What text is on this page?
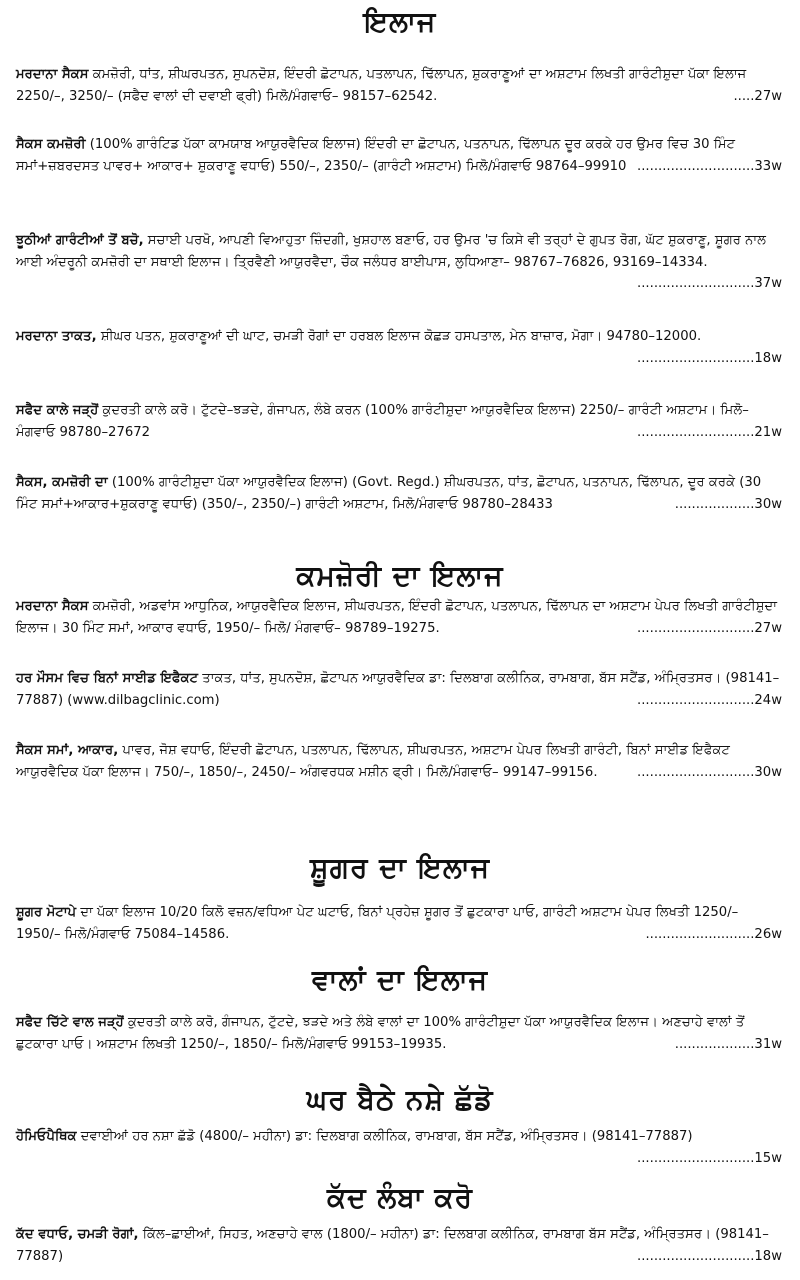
ਇਲਾਜ

ਮਰਦਾਨਾ ਸੈਕਸ ਕਮਜ਼ੋਰੀ, ਧਾਂਤ, ਸ਼ੀਘਰਪਤਨ, ਸੁਪਨਦੋਸ਼, ਇੰਦਰੀ ਛੋਟਾਪਨ, ਪਤਲਾਪਨ, ਢਿੱਲਾਪਨ, ਸ਼ੁਕਰਾਣੂਆਂ ਦਾ ਅਸ਼ਟਾਮ ਲਿਖਤੀ ਗਾਰੰਟੀਸ਼ੁਦਾ ਪੱਕਾ ਇਲਾਜ 2250/–, 3250/– (ਸਫੈਦ ਵਾਲਾਂ ਦੀ ਦਵਾਈ ਫ੍ਰੀ) ਮਿਲੋ/ਮੰਗਵਾਓ– 98157–62542.	.....27w

ਸੈਕਸ ਕਮਜ਼ੋਰੀ (100% ਗਾਰੰਟਿਡ ਪੱਕਾ ਕਾਮਯਾਬ ਆਯੁਰਵੈਦਿਕ ਇਲਾਜ) ਇੰਦਰੀ ਦਾ ਛੋਟਾਪਨ, ਪਤਨਾਪਨ, ਢਿੱਲਾਪਨ ਦੂਰ ਕਰਕੇ ਹਰ ਉਮਰ ਵਿਚ 30 ਮਿੰਟ ਸਮਾਂ+ਜ਼ਬਰਦਸਤ ਪਾਵਰ+ ਆਕਾਰ+ ਸ਼ੁਕਰਾਣੂ ਵਧਾਓ) 550/–, 2350/– (ਗਾਰੰਟੀ ਅਸ਼ਟਾਮ) ਮਿਲੋ/ਮੰਗਵਾਓ 98764–99910 ............................33w

ਝੂਠੀਆਂ ਗਾਰੰਟੀਆਂ ਤੋਂ ਬਚੋ, ਸਚਾਈ ਪਰਖੋ, ਆਪਣੀ ਵਿਆਹੁਤਾ ਜ਼ਿੰਦਗੀ, ਖੁਸ਼ਹਾਲ ਬਣਾਓ, ਹਰ ਉਮਰ 'ਚ ਕਿਸੇ ਵੀ ਤਰ੍ਹਾਂ ਦੇ ਗੁਪਤ ਰੋਗ, ਘੱਟ ਸ਼ੁਕਰਾਣੂ, ਸ਼ੂਗਰ ਨਾਲ ਆਈ ਅੰਦਰੂਨੀ ਕਮਜ਼ੋਰੀ ਦਾ ਸਥਾਈ ਇਲਾਜ। ਤ੍ਰਿਵੈਣੀ ਆਯੁਰਵੈਦਾ, ਚੌਕ ਜਲੰਧਰ ਬਾਈਪਾਸ, ਲੁਧਿਆਣਾ– 98767–76826, 93169–14334.
............................37w

ਮਰਦਾਨਾ ਤਾਕਤ, ਸ਼ੀਘਰ ਪਤਨ, ਸ਼ੁਕਰਾਣੂਆਂ ਦੀ ਘਾਟ, ਚਮੜੀ ਰੋਗਾਂ ਦਾ ਹਰਬਲ ਇਲਾਜ ਕੋਛੜ ਹਸਪਤਾਲ, ਮੇਨ ਬਾਜ਼ਾਰ, ਮੋਗਾ। 94780–12000.
............................18w

ਸਫੈਦ ਕਾਲੇ ਜੜ੍ਹੋਂ ਕੁਦਰਤੀ ਕਾਲੇ ਕਰੋ। ਟੁੱਟਦੇ–ਝੜਦੇ, ਗੰਜਾਪਨ, ਲੰਬੇ ਕਰਨ (100% ਗਾਰੰਟੀਸ਼ੁਦਾ ਆਯੁਰਵੈਦਿਕ ਇਲਾਜ) 2250/– ਗਾਰੰਟੀ ਅਸ਼ਟਾਮ। ਮਿਲੋ–ਮੰਗਵਾਓ 98780–27672	............................21w

ਸੈਕਸ, ਕਮਜ਼ੋਰੀ ਦਾ (100% ਗਾਰੰਟੀਸ਼ੁਦਾ ਪੱਕਾ ਆਯੁਰਵੈਦਿਕ ਇਲਾਜ) (Govt. Regd.) ਸ਼ੀਘਰਪਤਨ, ਧਾਂਤ, ਛੋਟਾਪਨ, ਪਤਨਾਪਨ, ਢਿੱਲਾਪਨ, ਦੂਰ ਕਰਕੇ (30 ਮਿੰਟ ਸਮਾਂ+ਆਕਾਰ+ਸ਼ੁਕਰਾਣੂ ਵਧਾਓ) (350/–, 2350/–) ਗਾਰੰਟੀ ਅਸ਼ਟਾਮ, ਮਿਲੋ/ਮੰਗਵਾਓ 98780–28433	...................30w

ਕਮਜ਼ੋਰੀ ਦਾ ਇਲਾਜ

ਮਰਦਾਨਾ ਸੈਕਸ ਕਮਜ਼ੋਰੀ, ਅਡਵਾਂਸ ਆਧੁਨਿਕ, ਆਯੁਰਵੈਦਿਕ ਇਲਾਜ, ਸ਼ੀਘਰਪਤਨ, ਇੰਦਰੀ ਛੋਟਾਪਨ, ਪਤਲਾਪਨ, ਢਿੱਲਾਪਨ ਦਾ ਅਸ਼ਟਾਮ ਪੇਪਰ ਲਿਖਤੀ ਗਾਰੰਟੀਸ਼ੁਦਾ ਇਲਾਜ। 30 ਮਿੰਟ ਸਮਾਂ, ਆਕਾਰ ਵਧਾਓ, 1950/– ਮਿਲੋ/ ਮੰਗਵਾਓ– 98789–19275.	............................27w

ਹਰ ਮੌਸਮ ਵਿਚ ਬਿਨਾਂ ਸਾਈਡ ਇਫੈਕਟ ਤਾਕਤ, ਧਾਂਤ, ਸੁਪਨਦੋਸ਼, ਛੋਟਾਪਨ ਆਯੁਰਵੈਦਿਕ ਡਾ: ਦਿਲਬਾਗ ਕਲੀਨਿਕ, ਰਾਮਬਾਗ, ਬੱਸ ਸਟੈਂਡ, ਅੰਮ੍ਰਿਤਸਰ। (98141–77887) (www.dilbagclinic.com)	............................24w

ਸੈਕਸ ਸਮਾਂ, ਆਕਾਰ, ਪਾਵਰ, ਜੋਸ਼ ਵਧਾਓ, ਇੰਦਰੀ ਛੋਟਾਪਨ, ਪਤਲਾਪਨ, ਢਿੱਲਾਪਨ, ਸ਼ੀਘਰਪਤਨ, ਅਸ਼ਟਾਮ ਪੇਪਰ ਲਿਖਤੀ ਗਾਰੰਟੀ, ਬਿਨਾਂ ਸਾਈਡ ਇਫੈਕਟ ਆਯੁਰਵੈਦਿਕ ਪੱਕਾ ਇਲਾਜ। 750/–, 1850/–, 2450/– ਅੰਗਵਰਧਕ ਮਸ਼ੀਨ ਫ੍ਰੀ। ਮਿਲੋ/ਮੰਗਵਾਓ– 99147–99156.	............................30w

ਸ਼ੂਗਰ ਦਾ ਇਲਾਜ

ਸ਼ੂਗਰ ਮੋਟਾਪੇ ਦਾ ਪੱਕਾ ਇਲਾਜ 10/20 ਕਿਲੋ ਵਜ਼ਨ/ਵਧਿਆ ਪੇਟ ਘਟਾਓ, ਬਿਨਾਂ ਪ੍ਰਹੇਜ਼ ਸ਼ੂਗਰ ਤੋਂ ਛੁਟਕਾਰਾ ਪਾਓ, ਗਾਰੰਟੀ ਅਸ਼ਟਾਮ ਪੇਪਰ ਲਿਖਤੀ 1250/– 1950/– ਮਿਲੋ/ਮੰਗਵਾਓ 75084–14586.	..........................26w

ਵਾਲਾਂ ਦਾ ਇਲਾਜ

ਸਫੈਦ ਚਿੱਟੇ ਵਾਲ ਜੜ੍ਹੋਂ ਕੁਦਰਤੀ ਕਾਲੇ ਕਰੋ, ਗੰਜਾਪਨ, ਟੁੱਟਦੇ, ਝੜਦੇ ਅਤੇ ਲੰਬੇ ਵਾਲਾਂ ਦਾ 100% ਗਾਰੰਟੀਸ਼ੁਦਾ ਪੱਕਾ ਆਯੁਰਵੈਦਿਕ ਇਲਾਜ। ਅਣਚਾਹੇ ਵਾਲਾਂ ਤੋਂ ਛੁਟਕਾਰਾ ਪਾਓ। ਅਸ਼ਟਾਮ ਲਿਖਤੀ 1250/–, 1850/– ਮਿਲੋ/ਮੰਗਵਾਓ 99153–19935.	...................31w

ਘਰ ਬੈਠੇ ਨਸ਼ੇ ਛੱਡੋ

ਹੋਮਿਓਪੈਥਿਕ ਦਵਾਈਆਂ ਹਰ ਨਸ਼ਾ ਛੱਡੋ (4800/– ਮਹੀਨਾ) ਡਾ: ਦਿਲਬਾਗ ਕਲੀਨਿਕ, ਰਾਮਬਾਗ, ਬੱਸ ਸਟੈਂਡ, ਅੰਮ੍ਰਿਤਸਰ। (98141–77887)
............................15w

ਕੱਦ ਲੰਬਾ ਕਰੋ

ਕੱਦ ਵਧਾਓ, ਚਮੜੀ ਰੋਗਾਂ, ਕਿੱਲ–ਛਾਈਆਂ, ਸਿਹਤ, ਅਣਚਾਹੇ ਵਾਲ (1800/– ਮਹੀਨਾ) ਡਾ: ਦਿਲਬਾਗ ਕਲੀਨਿਕ, ਰਾਮਬਾਗ ਬੱਸ ਸਟੈਂਡ, ਅੰਮ੍ਰਿਤਸਰ। (98141–77887)	............................18w
